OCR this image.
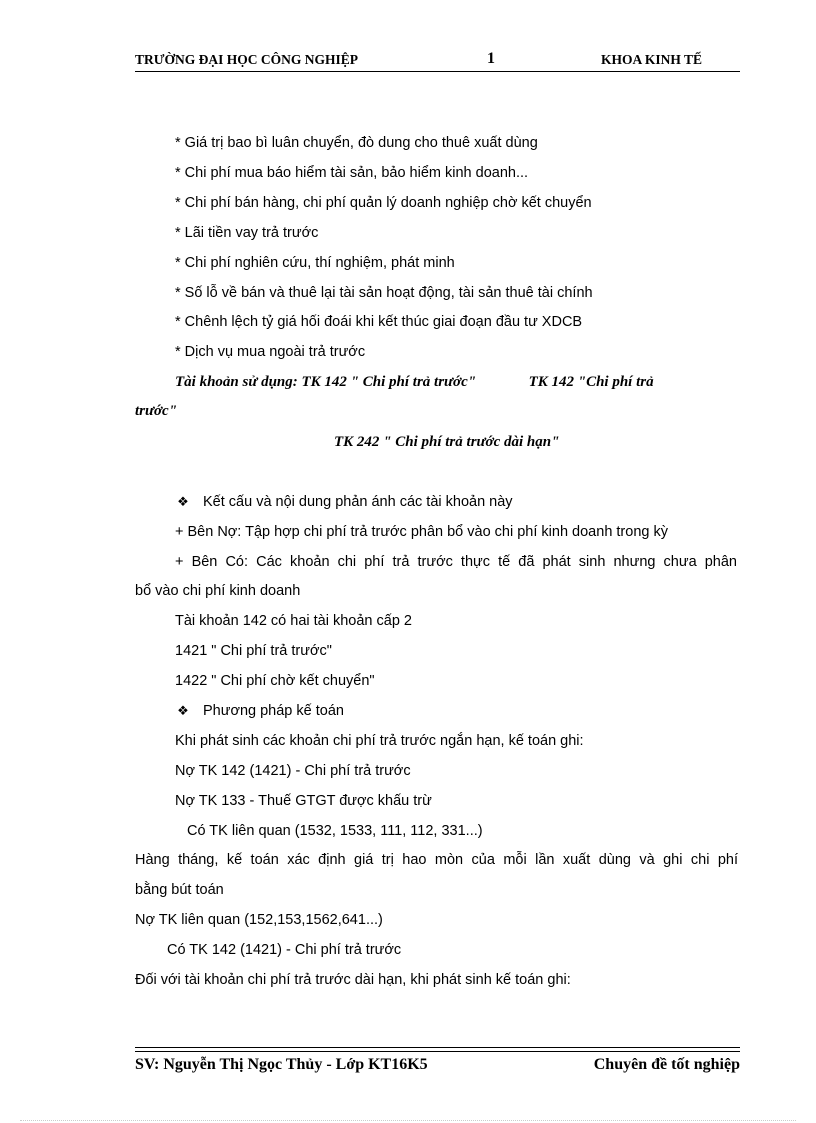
TRƯỜNG ĐẠI HỌC CÔNG NGHIỆP	1	KHOA KINH TẾ
* Giá trị bao bì luân chuyển, đò dung cho thuê xuất dùng
* Chi phí mua báo hiểm tài sản, bảo hiểm kinh doanh...
* Chi phí bán hàng, chi phí quản lý doanh nghiệp chờ kết chuyển
* Lãi tiền vay trả trước
* Chi phí nghiên cứu, thí nghiệm, phát minh
* Số lỗ về bán và thuê lại tài sản hoạt động, tài sản thuê tài chính
* Chênh lệch tỷ giá hối đoái khi kết thúc giai đoạn đầu tư XDCB
* Dịch vụ mua ngoài trả trước
Tài khoản sử dụng: TK 142 " Chi phí trả trước"              TK 142 "Chi phí trả
trước"
TK 242 " Chi phí trả trước dài hạn"
❖ Kết cấu và nội dung phản ánh các tài khoản này
+ Bên Nợ: Tập hợp chi phí trả trước phân bổ vào chi phí kinh doanh trong kỳ
+ Bên Có: Các khoản chi phí trả trước thực tế đã phát sinh nhưng chưa phân
bổ vào chi phí kinh doanh
Tài khoản 142 có hai tài khoản cấp 2
1421 " Chi phí trả trước"
1422 " Chi phí chờ kết chuyển"
❖ Phương pháp kế toán
Khi phát sinh các khoản chi phí trả trước ngắn hạn, kế toán ghi:
Nợ TK 142 (1421) - Chi phí trả trước
Nợ TK 133 - Thuế GTGT được khấu trừ
Có TK liên quan (1532, 1533, 111, 112, 331...)
Hàng tháng, kế toán xác định giá trị hao mòn của mỗi lần xuất dùng và ghi chi phí
bằng bút toán
Nợ TK liên quan (152,153,1562,641...)
Có TK 142 (1421) - Chi phí trả trước
Đối với tài khoản chi phí trả trước dài hạn, khi phát sinh kế toán ghi:
SV: Nguyễn Thị Ngọc Thủy - Lớp KT16K5	Chuyên đề tốt nghiệp
